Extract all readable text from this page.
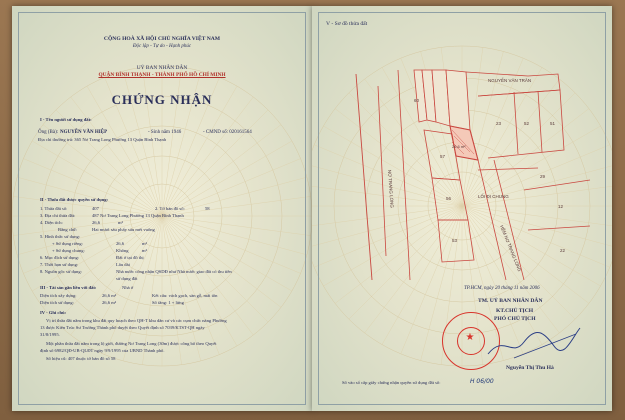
CỘNG HOÀ XÃ HỘI CHỦ NGHĨA VIỆT NAM
Độc lập - Tự do - Hạnh phúc
UỶ BAN NHÂN DÂN
QUẬN BÌNH THẠNH - THÀNH PHỐ HỒ CHÍ MINH
CHỨNG NHẬN
I - Tên người sử dụng đất:
Ông (Bà): NGUYỄN VĂN HIỆP	- Sinh năm 1946	- CMND số: 020161564
Địa chỉ thường trú: 365 Nơ Trang Long Phường 13 Quận Bình Thạnh
II - Thửa đất được quyền sử dụng:
1. Thửa đất số:	407	2. Tờ bản đồ số:	58
3. Địa chỉ thửa đất:	487 Nơ Trang Long Phường 13 Quận Bình Thạnh
4. Diện tích:	26,6	m²
Bằng chữ:	Hai mươi sáu phẩy sáu mét vuông
5. Hình thức sử dụng:
+ Sử dụng riêng:	26,6	m²
+ Sử dụng chung:	Không	m²
6. Mục đích sử dụng:	Đất ở tại đô thị
7. Thời hạn sử dụng:	Lâu dài
8. Nguồn gốc sử dụng:	Nhà nước công nhận QSDĐ như Nhà nước giao đất có thu tiền
sử dụng đất
III - Tài sản gắn liền với đất:	Nhà ở
Diện tích xây dựng:	26,6 m²	Kết cấu: vách gạch, sàn gỗ, mái tôn
Diện tích sử dụng:	26,6 m²	Số tầng: 1 + lửng
IV - Ghi chú:
Vị trí thửa đất nằm trong khu đất quy hoạch theo QH-T khu dân cư và các cụm chức năng Phường
13 được Kiến Trúc Sư Trưởng Thành phố duyệt theo Quyết định số 7039/KTST-QH ngày
31/8/1995.
Một phần thửa đất nằm trong lộ giới, đường Nơ Trang Long (30m) được công bố theo Quyết
định số 6982/QĐ-UB-QLĐT ngày 9/9/1995 của UBND Thành phố.
Số hiệu cũ: 407 thuộc tờ bản đồ số 58
V - Sơ đồ thửa đất
NGUYỄN VĂN TRÂN
NƠ TRANG LONG	LỐI ĐI CHUNG
HẺM NƠ TRANG LONG
26,6 m²
60
57
56
53
52	51
12
23
22
29
TP.HCM, ngày 20 tháng 11 năm 2006
TM. UỶ BAN NHÂN DÂN
KT.CHỦ TỊCH
PHÓ CHỦ TỊCH
★
Nguyễn Thị Thu Hà
Số vào sổ cấp giấy chứng nhận quyền sử dụng đất số:	H 06/00
